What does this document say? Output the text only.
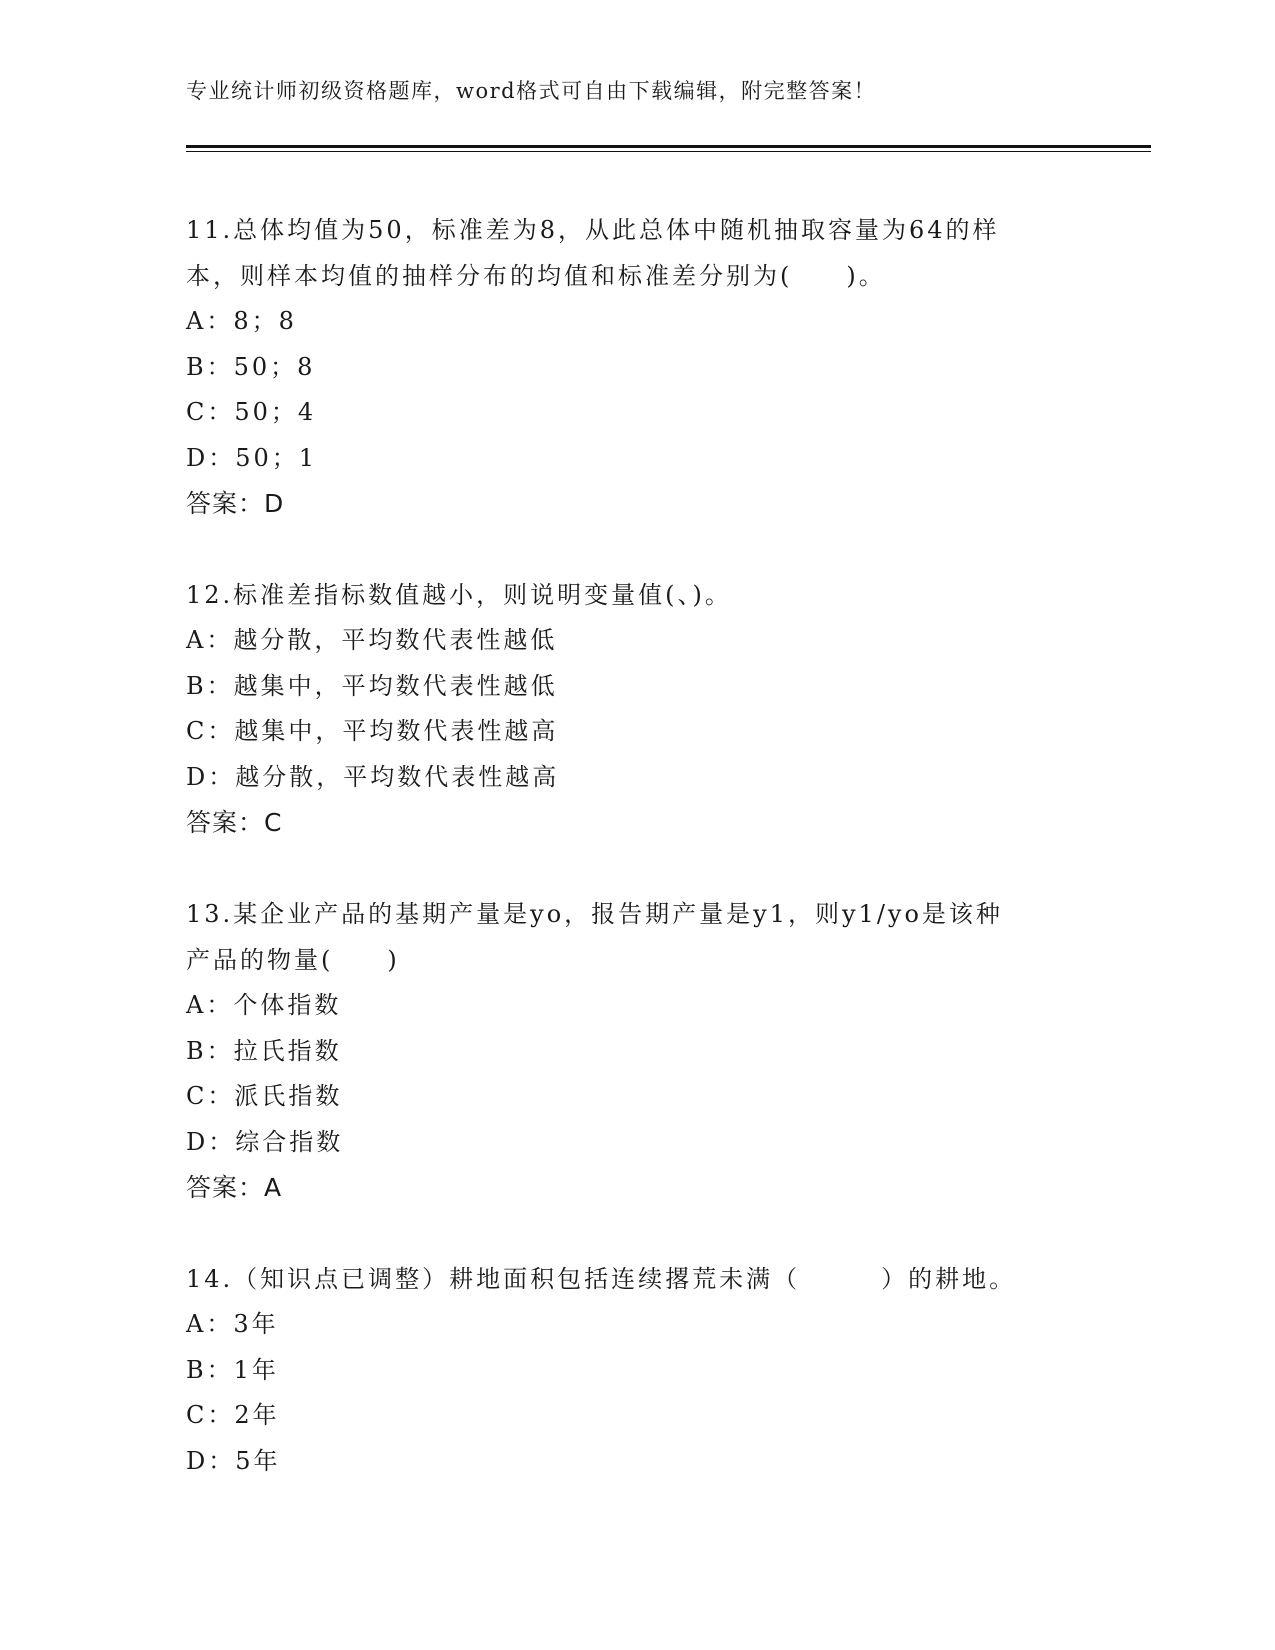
专业统计师初级资格题库，word格式可自由下载编辑，附完整答案！

11.总体均值为50，标准差为8，从此总体中随机抽取容量为64的样

本，则样本均值的抽样分布的均值和标准差分别为(　　)。

A：8；8

B：50；8

C：50；4

D：50；1

答案：D

12.标准差指标数值越小，则说明变量值(、)。

A：越分散，平均数代表性越低

B：越集中，平均数代表性越低

C：越集中，平均数代表性越高

D：越分散，平均数代表性越高

答案：C

13.某企业产品的基期产量是yo，报告期产量是y1，则y1/yo是该种

产品的物量(　　)

A：个体指数

B：拉氏指数

C：派氏指数

D：综合指数

答案：A

14.（知识点已调整）耕地面积包括连续撂荒未满（　　　）的耕地。

A：3年

B：1年

C：2年

D：5年
